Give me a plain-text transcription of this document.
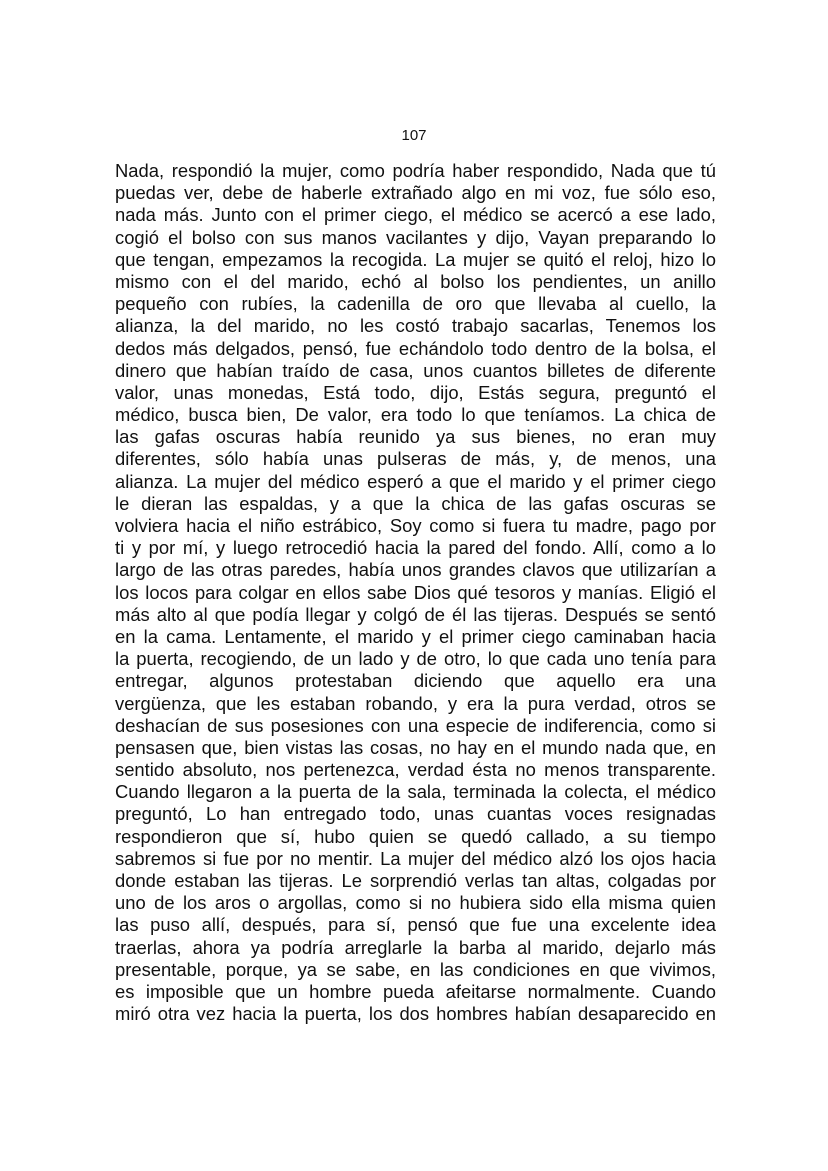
107
Nada, respondió la mujer, como podría haber respondido, Nada que tú
puedas ver, debe de haberle extrañado algo en mi voz, fue sólo eso,
nada más. Junto con el primer ciego, el médico se acercó a ese lado,
cogió el bolso con sus manos vacilantes y dijo, Vayan preparando lo
que tengan, empezamos la recogida. La mujer se quitó el reloj, hizo lo
mismo con el del marido, echó al bolso los pendientes, un anillo
pequeño con rubíes, la cadenilla de oro que llevaba al cuello, la
alianza, la del marido, no les costó trabajo sacarlas, Tenemos los
dedos más delgados, pensó, fue echándolo todo dentro de la bolsa, el
dinero que habían traído de casa, unos cuantos billetes de diferente
valor, unas monedas, Está todo, dijo, Estás segura, preguntó el
médico, busca bien, De valor, era todo lo que teníamos. La chica de
las gafas oscuras había reunido ya sus bienes, no eran muy
diferentes, sólo había unas pulseras de más, y, de menos, una
alianza. La mujer del médico esperó a que el marido y el primer ciego
le dieran las espaldas, y a que la chica de las gafas oscuras se
volviera hacia el niño estrábico, Soy como si fuera tu madre, pago por
ti y por mí, y luego retrocedió hacia la pared del fondo. Allí, como a lo
largo de las otras paredes, había unos grandes clavos que utilizarían a
los locos para colgar en ellos sabe Dios qué tesoros y manías. Eligió el
más alto al que podía llegar y colgó de él las tijeras. Después se sentó
en la cama. Lentamente, el marido y el primer ciego caminaban hacia
la puerta, recogiendo, de un lado y de otro, lo que cada uno tenía para
entregar, algunos protestaban diciendo que aquello era una
vergüenza, que les estaban robando, y era la pura verdad, otros se
deshacían de sus posesiones con una especie de indiferencia, como si
pensasen que, bien vistas las cosas, no hay en el mundo nada que, en
sentido absoluto, nos pertenezca, verdad ésta no menos transparente.
Cuando llegaron a la puerta de la sala, terminada la colecta, el médico
preguntó, Lo han entregado todo, unas cuantas voces resignadas
respondieron que sí, hubo quien se quedó callado, a su tiempo
sabremos si fue por no mentir. La mujer del médico alzó los ojos hacia
donde estaban las tijeras. Le sorprendió verlas tan altas, colgadas por
uno de los aros o argollas, como si no hubiera sido ella misma quien
las puso allí, después, para sí, pensó que fue una excelente idea
traerlas, ahora ya podría arreglarle la barba al marido, dejarlo más
presentable, porque, ya se sabe, en las condiciones en que vivimos,
es imposible que un hombre pueda afeitarse normalmente. Cuando
miró otra vez hacia la puerta, los dos hombres habían desaparecido en
